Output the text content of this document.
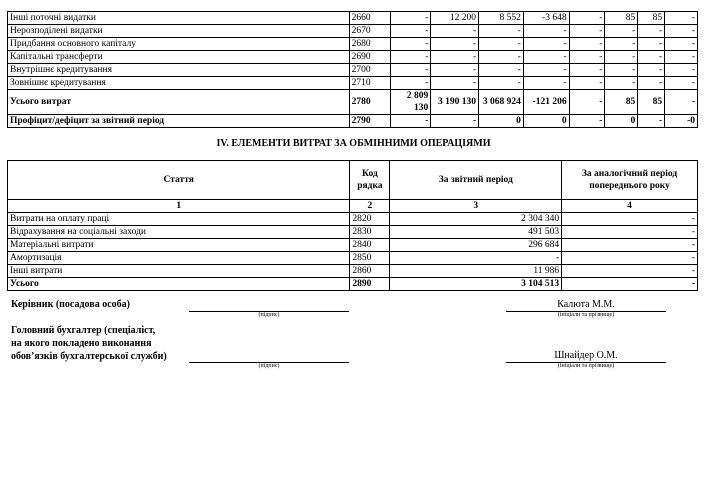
Інші поточні видатки	2660	-	12 200	8 552	-3 648	-	85	85	-
Нерозподілені видатки	2670	-	-	-	-	-	-	-	-
Придбання основного капіталу	2680	-	-	-	-	-	-	-	-
Капітальні трансферти	2690	-	-	-	-	-	-	-	-
Внутрішнє кредитування	2700	-	-	-	-	-	-	-	-
Зовнішнє кредитування	2710	-	-	-	-	-	-	-	-
Усього витрат	2780	2 809 130	3 190 130	3 068 924	-121 206	-	85	85	-
Профіцит/дефіцит за звітний період	2790	-	-	0	0	-	0	-	-0
IV. ЕЛЕМЕНТИ ВИТРАТ ЗА ОБМІННИМИ ОПЕРАЦІЯМИ
Стаття	Код рядка	За звітний період	За аналогічний період попереднього року
1	2	3	4
Витрати на оплату праці	2820	2 304 340	-
Відрахування на соціальні заходи	2830	491 503	-
Матеріальні витрати	2840	296 684	-
Амортизація	2850	-	-
Інші витрати	2860	11 986	-
Усього	2890	3 104 513	-
Керівник (посадова особа)
(підпис)
Калюта М.М.
(ініціали та прізвище)
Головний бухгалтер (спеціаліст,
на якого покладено виконання
обов’язків бухгалтерської служби)
(підпис)
Шнайдер О.М.
(ініціали та прізвище)
